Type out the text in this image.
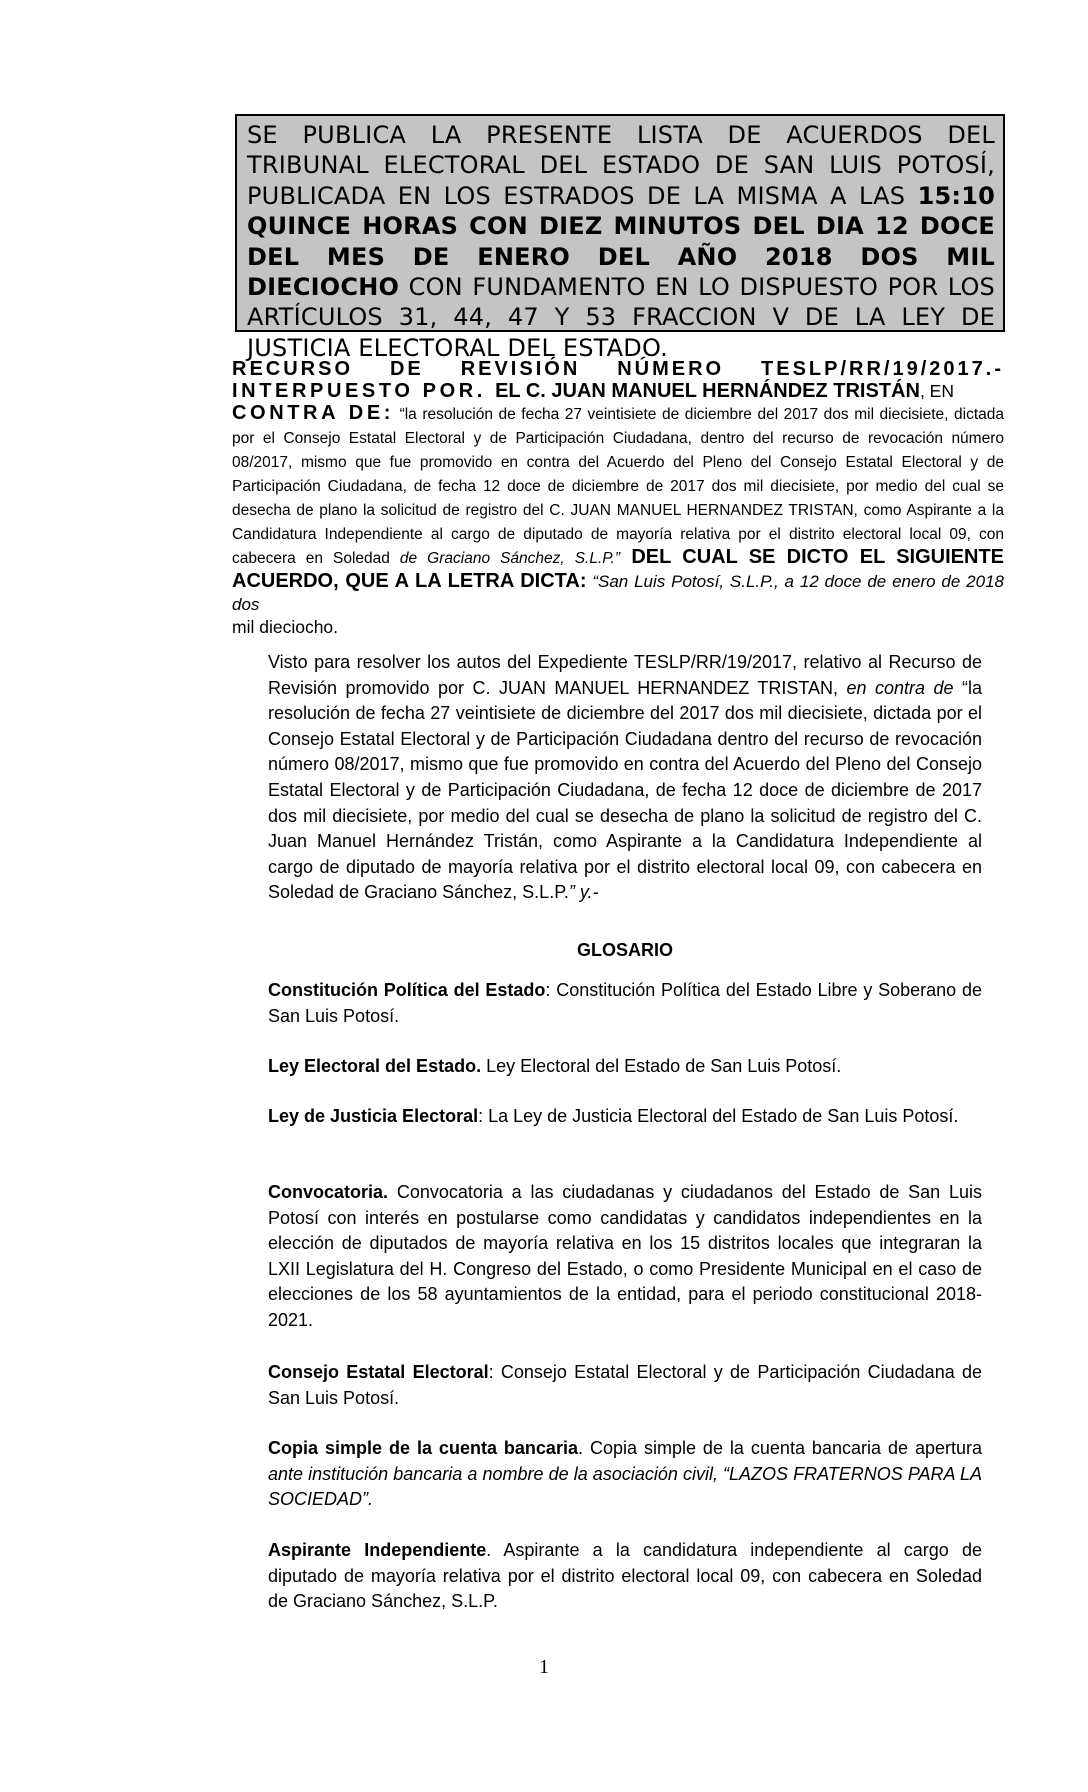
SE PUBLICA LA PRESENTE LISTA DE ACUERDOS DEL TRIBUNAL ELECTORAL DEL ESTADO DE SAN LUIS POTOSÍ, PUBLICADA EN LOS ESTRADOS DE LA MISMA A LAS 15:10 QUINCE HORAS CON DIEZ MINUTOS DEL DIA 12 DOCE DEL MES DE ENERO DEL AÑO 2018 DOS MIL DIECIOCHO CON FUNDAMENTO EN LO DISPUESTO POR LOS ARTÍCULOS 31, 44, 47 Y 53 FRACCION V DE LA LEY DE JUSTICIA ELECTORAL DEL ESTADO.
RECURSO DE REVISIÓN NÚMERO TESLP/RR/19/2017.-
INTERPUESTO POR. EL C. JUAN MANUEL HERNÁNDEZ TRISTÁN, EN
CONTRA DE: “la resolución de fecha 27 veintisiete de diciembre del 2017 dos mil diecisiete, dictada por el Consejo Estatal Electoral y de Participación Ciudadana, dentro del recurso de revocación número 08/2017, mismo que fue promovido en contra del Acuerdo del Pleno del Consejo Estatal Electoral y de Participación Ciudadana, de fecha 12 doce de diciembre de 2017 dos mil diecisiete, por medio del cual se desecha de plano la solicitud de registro del C. JUAN MANUEL HERNANDEZ TRISTAN, como Aspirante a la Candidatura Independiente al cargo de diputado de mayoría relativa por el distrito electoral local 09, con cabecera en Soledad de Graciano Sánchez, S.L.P.” DEL CUAL SE DICTO EL SIGUIENTE ACUERDO, QUE A LA LETRA DICTA: “San Luis Potosí, S.L.P., a 12 doce de enero de 2018 dos
mil dieciocho.
Visto para resolver los autos del Expediente TESLP/RR/19/2017, relativo al Recurso de Revisión promovido por C. JUAN MANUEL HERNANDEZ TRISTAN, en contra de “la resolución de fecha 27 veintisiete de diciembre del 2017 dos mil diecisiete, dictada por el Consejo Estatal Electoral y de Participación Ciudadana dentro del recurso de revocación número 08/2017, mismo que fue promovido en contra del Acuerdo del Pleno del Consejo Estatal Electoral y de Participación Ciudadana, de fecha 12 doce de diciembre de 2017 dos mil diecisiete, por medio del cual se desecha de plano la solicitud de registro del C. Juan Manuel Hernández Tristán, como Aspirante a la Candidatura Independiente al cargo de diputado de mayoría relativa por el distrito electoral local 09, con cabecera en Soledad de Graciano Sánchez, S.L.P.” y.-
GLOSARIO
Constitución Política del Estado: Constitución Política del Estado Libre y Soberano de San Luis Potosí.
Ley Electoral del Estado. Ley Electoral del Estado de San Luis Potosí.
Ley de Justicia Electoral: La Ley de Justicia Electoral del Estado de San Luis Potosí.
Convocatoria. Convocatoria a las ciudadanas y ciudadanos del Estado de San Luis Potosí con interés en postularse como candidatas y candidatos independientes en la elección de diputados de mayoría relativa en los 15 distritos locales que integraran la LXII Legislatura del H. Congreso del Estado, o como Presidente Municipal en el caso de elecciones de los 58 ayuntamientos de la entidad, para el periodo constitucional 2018-2021.
Consejo Estatal Electoral: Consejo Estatal Electoral y de Participación Ciudadana de San Luis Potosí.
Copia simple de la cuenta bancaria. Copia simple de la cuenta bancaria de apertura ante institución bancaria a nombre de la asociación civil, “LAZOS FRATERNOS PARA LA SOCIEDAD”.
Aspirante Independiente. Aspirante a la candidatura independiente al cargo de diputado de mayoría relativa por el distrito electoral local 09, con cabecera en Soledad de Graciano Sánchez, S.L.P.
1
